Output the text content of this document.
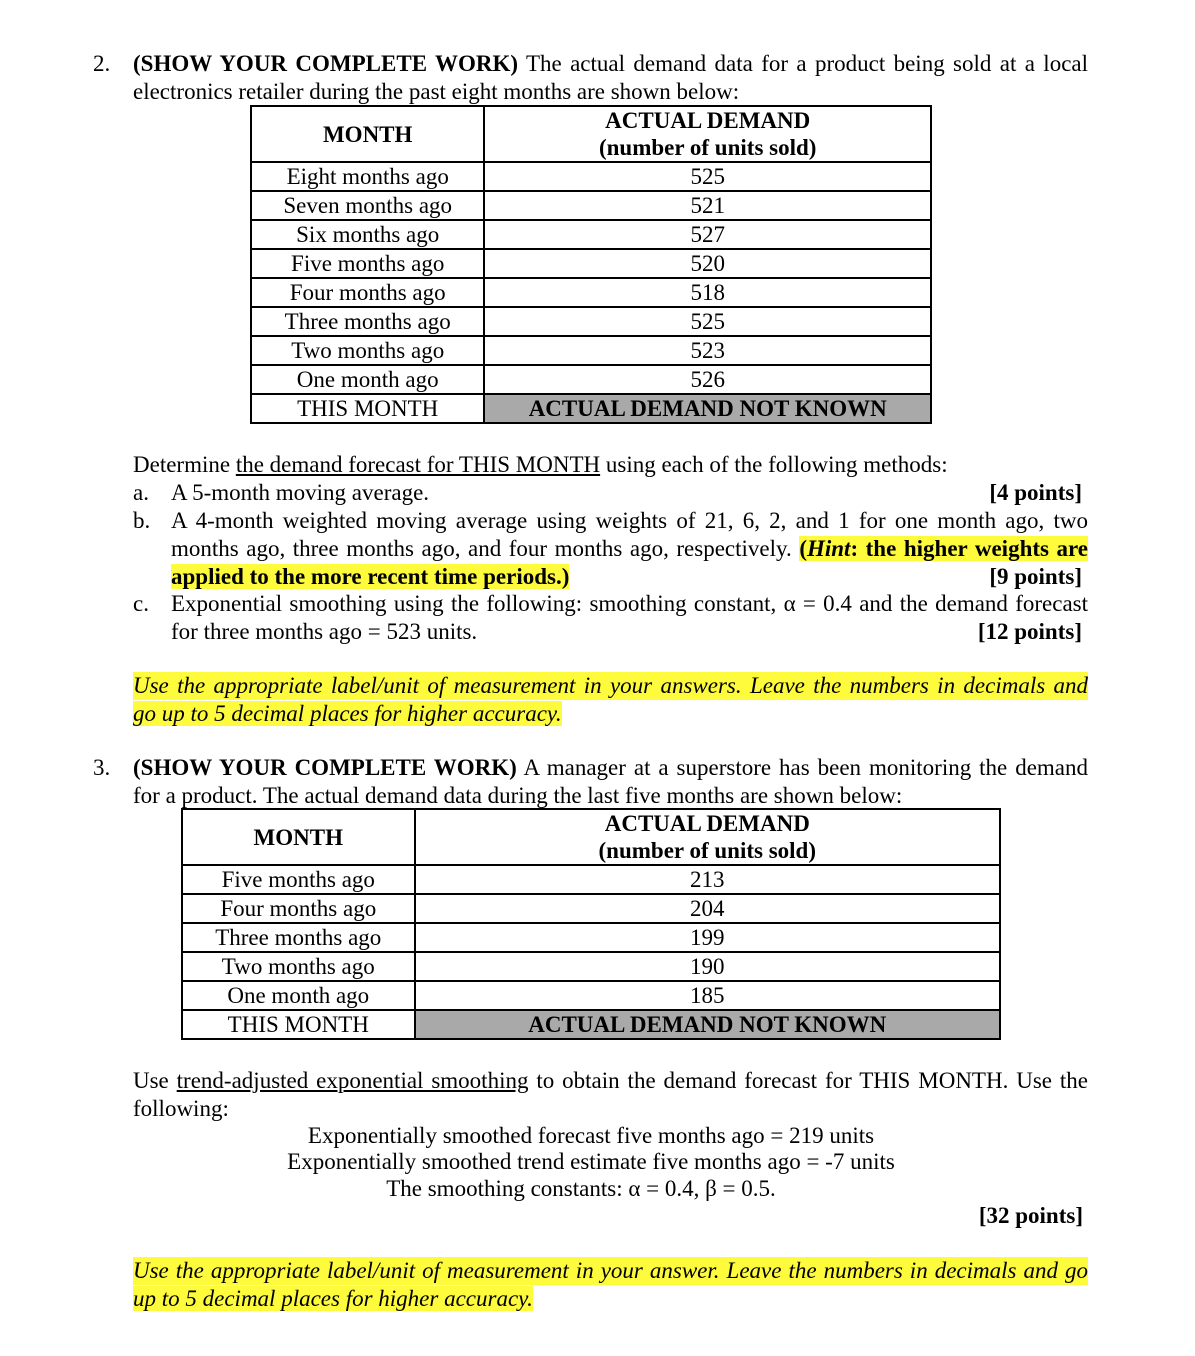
2. (SHOW YOUR COMPLETE WORK) The actual demand data for a product being sold at a local
electronics retailer during the past eight months are shown below:
MONTH	ACTUAL DEMAND
(number of units sold)

Eight months ago	525
Seven months ago	521
Six months ago	527
Five months ago	520
Four months ago	518
Three months ago	525
Two months ago	523
One month ago	526
THIS MONTH	ACTUAL DEMAND NOT KNOWN
Determine the demand forecast for THIS MONTH using each of the following methods:
a. A 5-month moving average.	[4 points]
b. A 4-month weighted moving average using weights of 21, 6, 2, and 1 for one month ago, two
months ago, three months ago, and four months ago, respectively. (Hint: the higher weights are
applied to the more recent time periods.)	[9 points]
c. Exponential smoothing using the following: smoothing constant, α = 0.4 and the demand forecast
for three months ago = 523 units.	[12 points]
Use the appropriate label/unit of measurement in your answers. Leave the numbers in decimals and
go up to 5 decimal places for higher accuracy.
3. (SHOW YOUR COMPLETE WORK) A manager at a superstore has been monitoring the demand
for a product. The actual demand data during the last five months are shown below:
MONTH	ACTUAL DEMAND
(number of units sold)

Five months ago	213
Four months ago	204
Three months ago	199
Two months ago	190
One month ago	185
THIS MONTH	ACTUAL DEMAND NOT KNOWN
Use trend-adjusted exponential smoothing to obtain the demand forecast for THIS MONTH. Use the
following:
Exponentially smoothed forecast five months ago = 219 units
Exponentially smoothed trend estimate five months ago = -7 units
The smoothing constants: α = 0.4, β = 0.5.
[32 points]
Use the appropriate label/unit of measurement in your answer. Leave the numbers in decimals and go
up to 5 decimal places for higher accuracy.
